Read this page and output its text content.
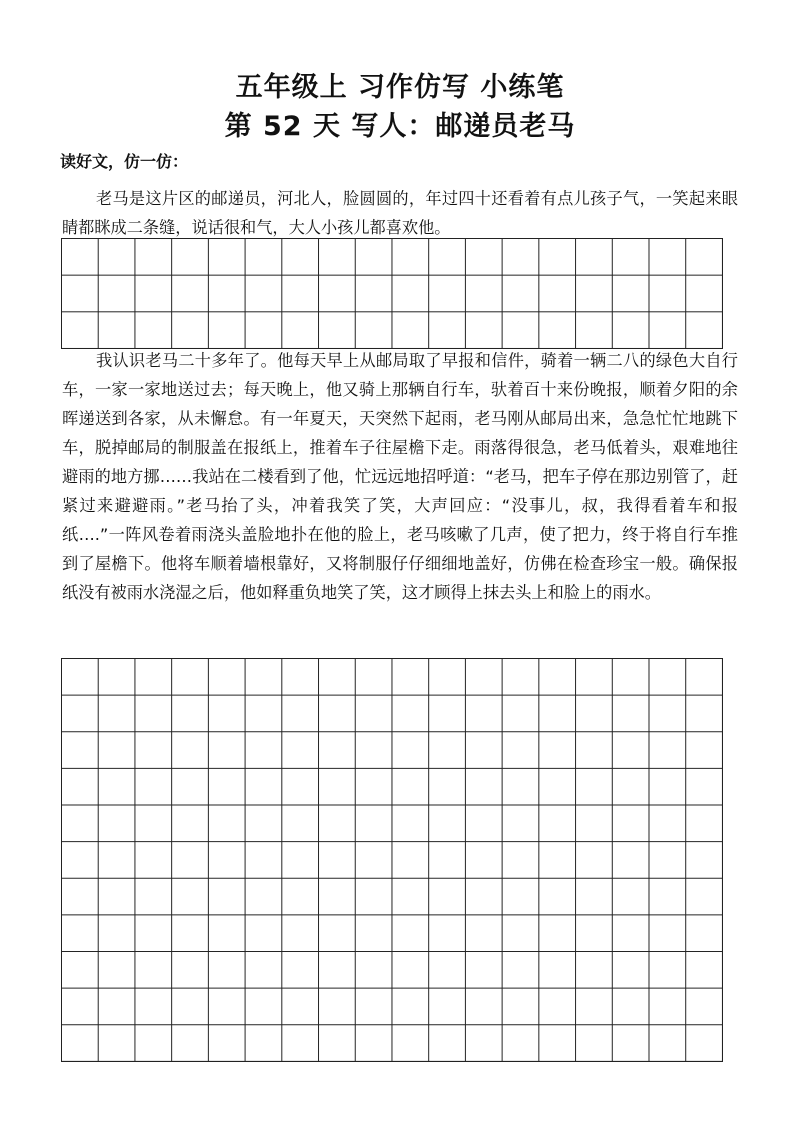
五年级上 习作仿写 小练笔
第 52 天 写人：邮递员老马

读好文，仿一仿：

老马是这片区的邮递员，河北人，脸圆圆的，年过四十还看着有点儿孩子气，一笑起来眼睛都眯成二条缝，说话很和气，大人小孩儿都喜欢他。

我认识老马二十多年了。他每天早上从邮局取了早报和信件，骑着一辆二八的绿色大自行车，一家一家地送过去；每天晚上，他又骑上那辆自行车，驮着百十来份晚报，顺着夕阳的余晖递送到各家，从未懈怠。有一年夏天，天突然下起雨，老马刚从邮局出来，急急忙忙地跳下车，脱掉邮局的制服盖在报纸上，推着车子往屋檐下走。雨落得很急，老马低着头，艰难地往避雨的地方挪……我站在二楼看到了他，忙远远地招呼道：“老马，把车子停在那边别管了，赶紧过来避避雨。”老马抬了头，冲着我笑了笑，大声回应：“没事儿，叔，我得看着车和报纸….”一阵风卷着雨浇头盖脸地扑在他的脸上，老马咳嗽了几声，使了把力，终于将自行车推到了屋檐下。他将车顺着墙根靠好，又将制服仔仔细细地盖好，仿佛在检查珍宝一般。确保报纸没有被雨水浇湿之后，他如释重负地笑了笑，这才顾得上抹去头上和脸上的雨水。
